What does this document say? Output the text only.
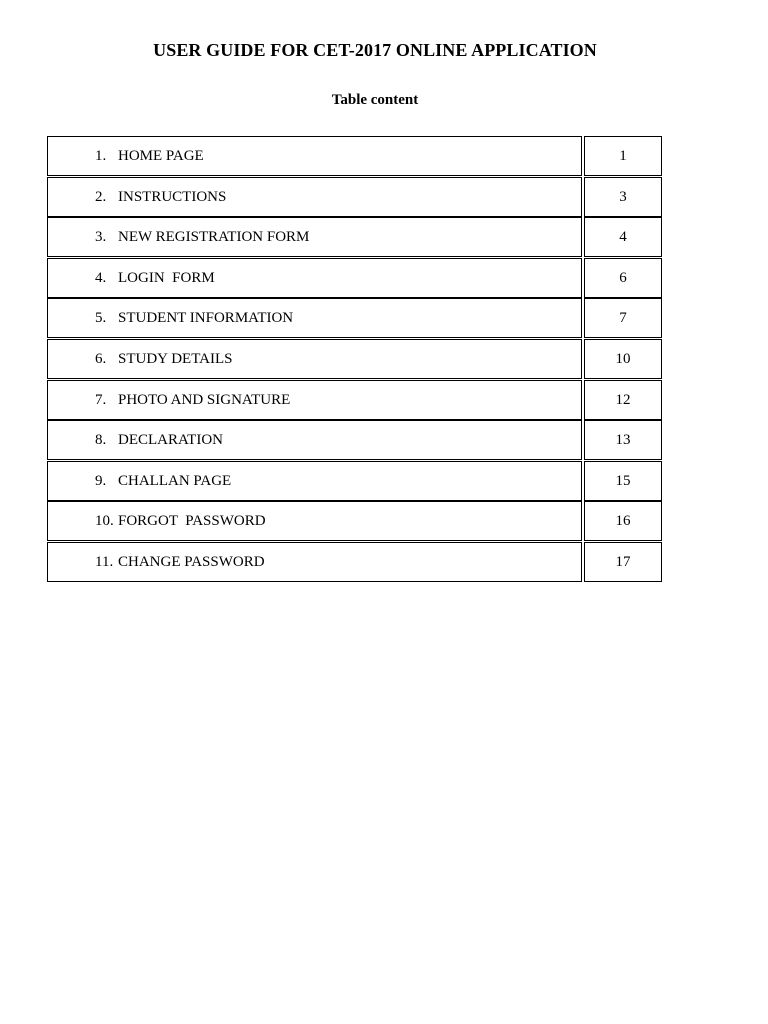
USER GUIDE FOR CET-2017 ONLINE APPLICATION
Table content
1. HOME PAGE	1
2. INSTRUCTIONS	3
3. NEW REGISTRATION FORM	4
4. LOGIN  FORM	6
5. STUDENT INFORMATION	7
6. STUDY DETAILS	10
7. PHOTO AND SIGNATURE	12
8. DECLARATION	13
9. CHALLAN PAGE	15
10. FORGOT  PASSWORD	16
11. CHANGE PASSWORD	17
